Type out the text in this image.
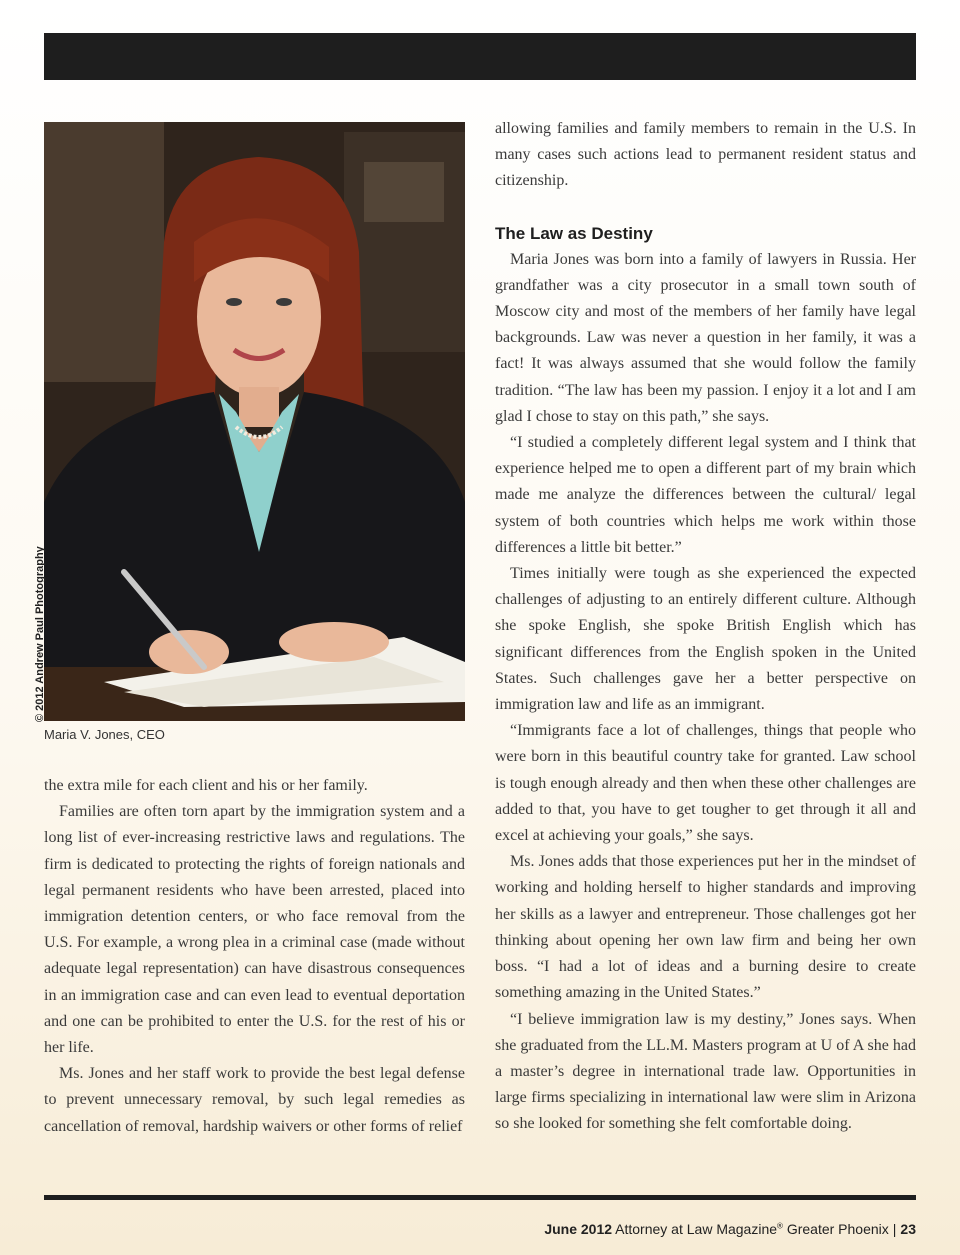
© 2012 Andrew Paul Photography
Maria V. Jones, CEO

the extra mile for each client and his or her family.

Families are often torn apart by the immigration system and a long list of ever-increasing restrictive laws and regulations. The firm is dedicated to protecting the rights of foreign nationals and legal permanent residents who have been arrested, placed into immigration detention centers, or who face removal from the U.S. For example, a wrong plea in a criminal case (made without adequate legal representation) can have disastrous consequences in an immigration case and can even lead to eventual deportation and one can be prohibited to enter the U.S. for the rest of his or her life.

Ms. Jones and her staff work to provide the best legal defense to prevent unnecessary removal, by such legal remedies as cancellation of removal, hardship waivers or other forms of relief

allowing families and family members to remain in the U.S. In many cases such actions lead to permanent resident status and citizenship.

The Law as Destiny

Maria Jones was born into a family of lawyers in Russia. Her grandfather was a city prosecutor in a small town south of Moscow city and most of the members of her family have legal backgrounds. Law was never a question in her family, it was a fact! It was always assumed that she would follow the family tradition. “The law has been my passion. I enjoy it a lot and I am glad I chose to stay on this path,” she says.

“I studied a completely different legal system and I think that experience helped me to open a different part of my brain which made me analyze the differences between the cultural/ legal system of both countries which helps me work within those differences a little bit better.”

Times initially were tough as she experienced the expected challenges of adjusting to an entirely different culture. Although she spoke English, she spoke British English which has significant differences from the English spoken in the United States. Such challenges gave her a better perspective on immigration law and life as an immigrant.

“Immigrants face a lot of challenges, things that people who were born in this beautiful country take for granted. Law school is tough enough already and then when these other challenges are added to that, you have to get tougher to get through it all and excel at achieving your goals,” she says.

Ms. Jones adds that those experiences put her in the mindset of working and holding herself to higher standards and improving her skills as a lawyer and entrepreneur. Those challenges got her thinking about opening her own law firm and being her own boss. “I had a lot of ideas and a burning desire to create something amazing in the United States.”

“I believe immigration law is my destiny,” Jones says. When she graduated from the LL.M. Masters program at U of A she had a master’s degree in international trade law. Opportunities in large firms specializing in international law were slim in Arizona so she looked for something she felt comfortable doing.

June 2012 Attorney at Law Magazine® Greater Phoenix | 23
